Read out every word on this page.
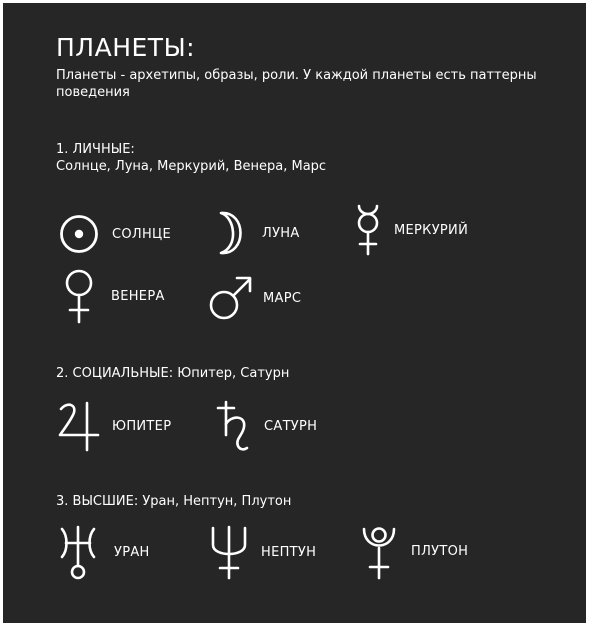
ПЛАНЕТЫ:

Планеты - архетипы, образы, роли. У каждой планеты есть паттерны поведения

1. ЛИЧНЫЕ:
Солнце, Луна, Меркурий, Венера, Марс
СОЛНЦЕ	ЛУНА	МЕРКУРИЙ
ВЕНЕРА	МАРС
2. СОЦИАЛЬНЫЕ: Юпитер, Сатурн
ЮПИТЕР	САТУРН
3. ВЫСШИЕ: Уран, Нептун, Плутон
УРАН	НЕПТУН	ПЛУТОН
